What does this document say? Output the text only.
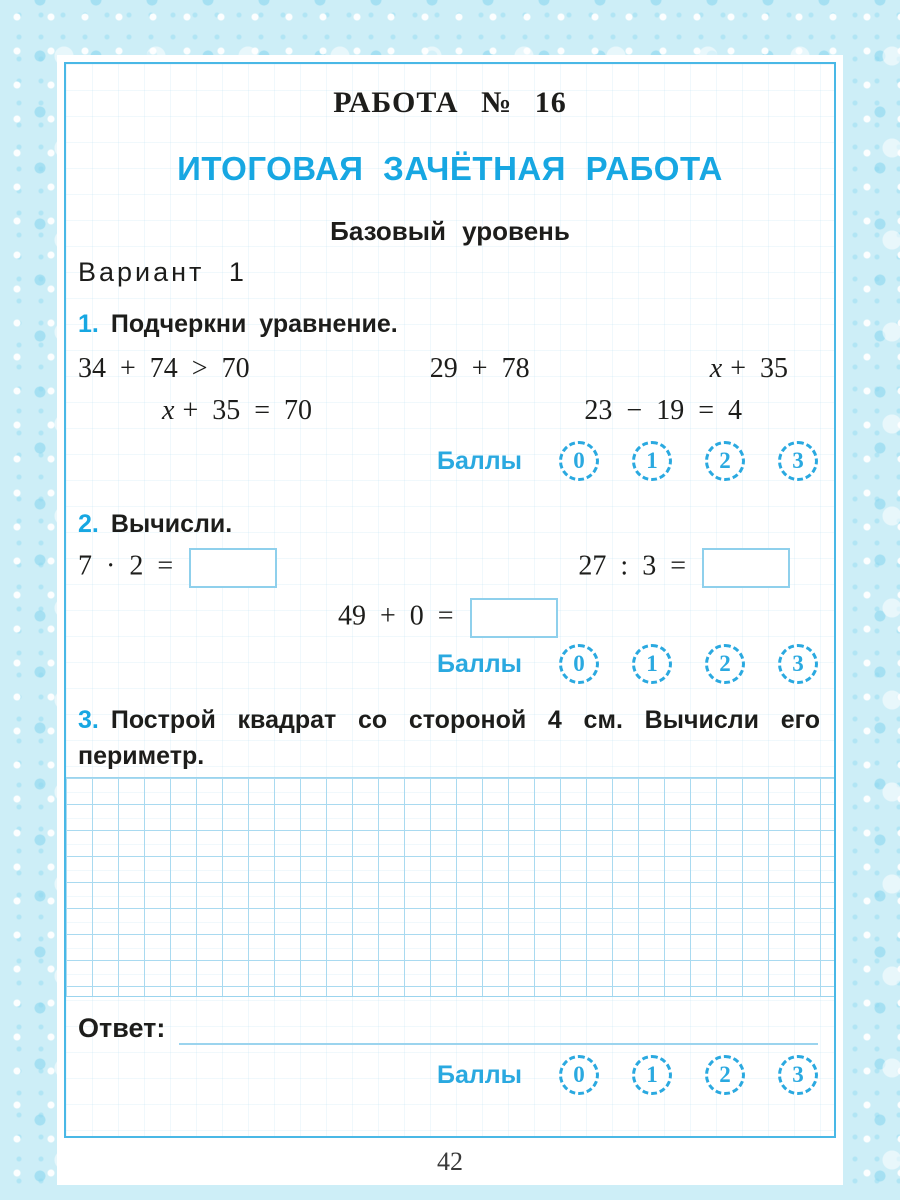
РАБОТА № 16
ИТОГОВАЯ ЗАЧЁТНАЯ РАБОТА
Базовый уровень
Вариант 1

1. Подчеркни уравнение.

34 + 74 > 70	29 + 78	x + 35
x + 35 = 70	23 − 19 = 4
Баллы	0	1	2	3

2. Вычисли.

7 · 2 =	27 : 3 =
49 + 0 =
Баллы	0	1	2	3

3. Построй квадрат со стороной 4 см. Вычисли его периметр.

Ответ:
Баллы	0	1	2	3
42
